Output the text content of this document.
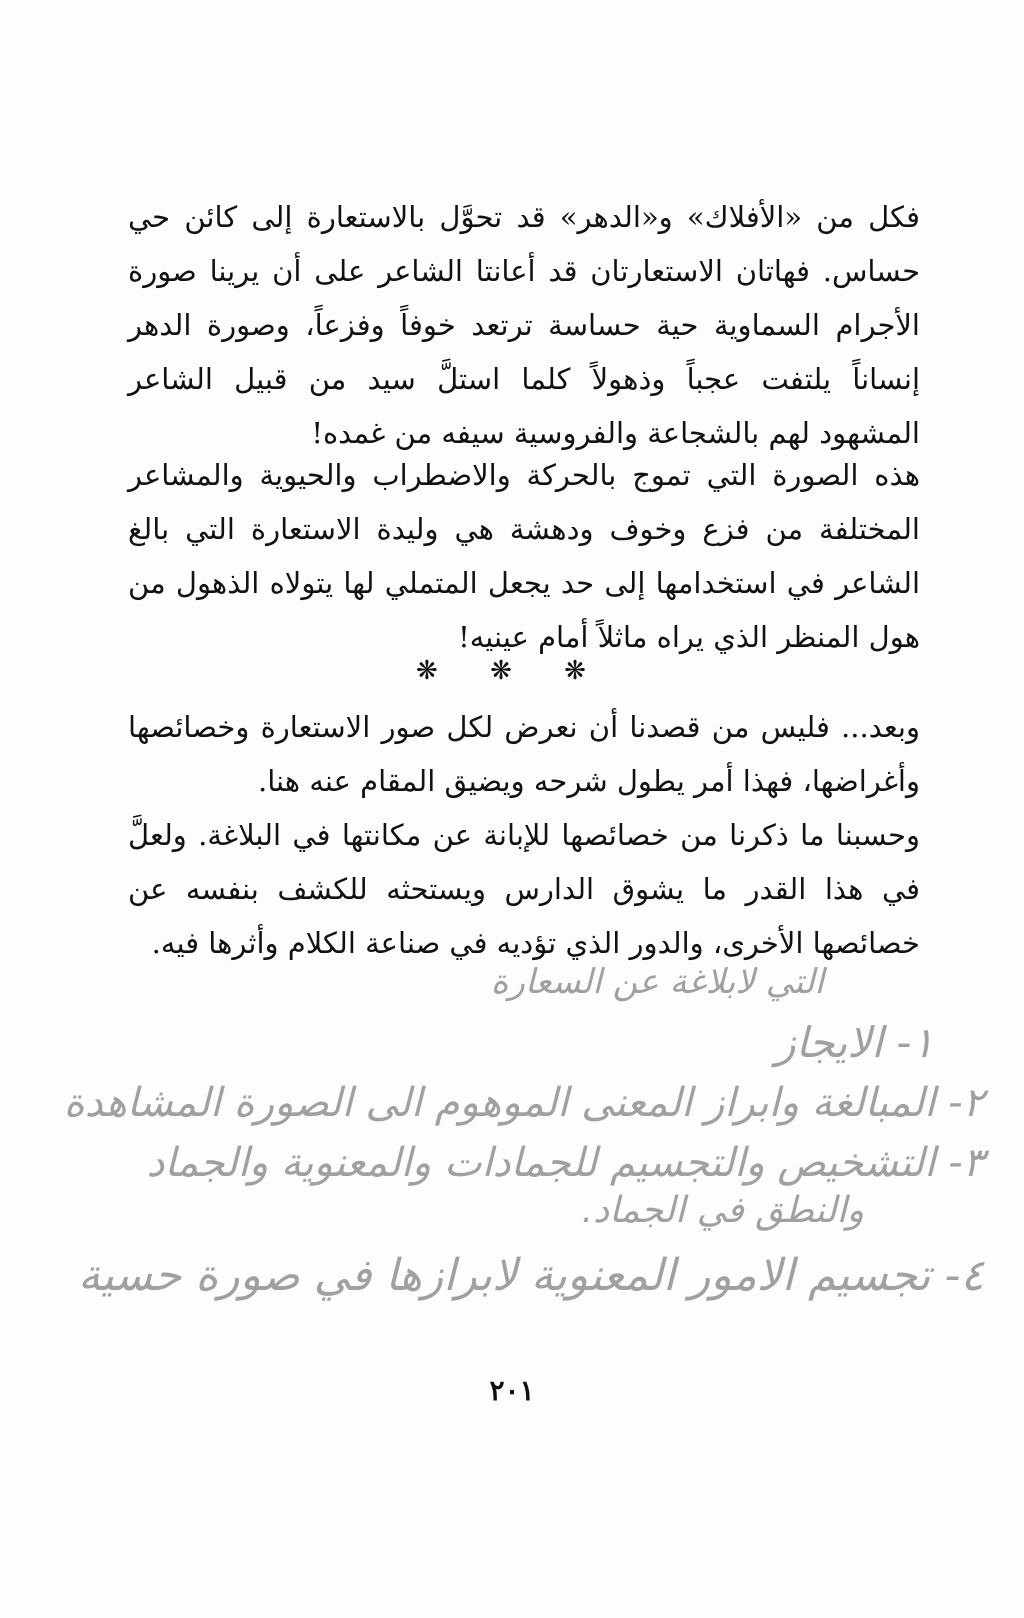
فكل من «الأفلاك» و«الدهر» قد تحوَّل بالاستعارة إلى كائن حي حساس. فهاتان الاستعارتان قد أعانتا الشاعر على أن يرينا صورة الأجرام السماوية حية حساسة ترتعد خوفاً وفزعاً، وصورة الدهر إنساناً يلتفت عجباً وذهولاً كلما استلَّ سيد من قبيل الشاعر المشهود لهم بالشجاعة والفروسية سيفه من غمده!

هذه الصورة التي تموج بالحركة والاضطراب والحيوية والمشاعر المختلفة من فزع وخوف ودهشة هي وليدة الاستعارة التي بالغ الشاعر في استخدامها إلى حد يجعل المتملي لها يتولاه الذهول من هول المنظر الذي يراه ماثلاً أمام عينيه!

❋ ❋ ❋

وبعد... فليس من قصدنا أن نعرض لكل صور الاستعارة وخصائصها وأغراضها، فهذا أمر يطول شرحه ويضيق المقام عنه هنا.

وحسبنا ما ذكرنا من خصائصها للإبانة عن مكانتها في البلاغة. ولعلَّ في هذا القدر ما يشوق الدارس ويستحثه للكشف بنفسه عن خصائصها الأخرى، والدور الذي تؤديه في صناعة الكلام وأثرها فيه.

التي لابلاغة عن السعارة
١- الايجاز
٢- المبالغة وابراز المعنى الموهوم الى الصورة المشاهدة
٣- التشخيص والتجسيم للجمادات والمعنوية والجماد
والنطق في الجماد.
٤- تجسيم الامور المعنوية لابرازها في صورة حسية
٢٠١
